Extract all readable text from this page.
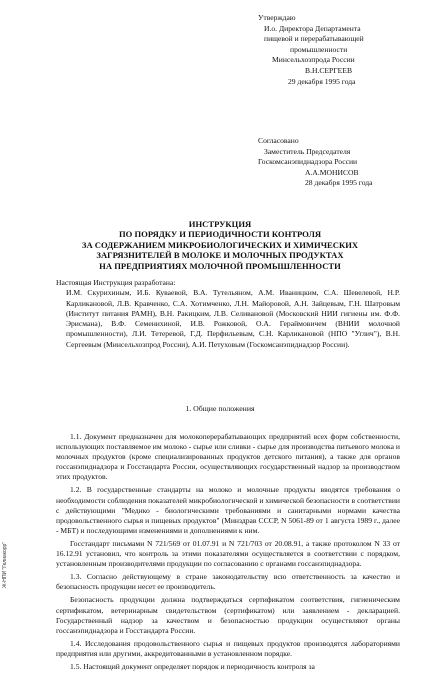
Утверждаю
И.о. Директора Департамента
пищевой и перерабатывающей
промышленности
Минсельхозпрода России
В.Н.СЕРГЕЕВ
29 декабря 1995 года
Согласовано
Заместитель Председателя
Госкомсанэпиднадзора России
А.А.МОНИСОВ
28 декабря 1995 года
ИНСТРУКЦИЯ
ПО ПОРЯДКУ И ПЕРИОДИЧНОСТИ КОНТРОЛЯ
ЗА СОДЕРЖАНИЕМ МИКРОБИОЛОГИЧЕСКИХ И ХИМИЧЕСКИХ
ЗАГРЯЗНИТЕЛЕЙ В МОЛОКЕ И МОЛОЧНЫХ ПРОДУКТАХ
НА ПРЕДПРИЯТИЯХ МОЛОЧНОЙ ПРОМЫШЛЕННОСТИ
Настоящая Инструкция разработана:
И.М. Скурихиным, И.Б. Куваевой, В.А. Тутельяном, А.М. Иваницким, С.А. Шевелевой, Н.Р. Карликановой, Л.В. Кравченко, С.А. Хотимченко, Л.Н. Майоровой, А.Н. Зайцевым, Г.Н. Шатровым (Институт питания РАМН), В.Н. Ракицким, Л.В. Селивановой (Московский НИИ гигиены им. Ф.Ф. Эрисмана), В.Ф. Семенихиной, И.В. Рожковой, О.А. Гераймовичем (ВНИИ молочной промышленности), Л.И. Тетеревой, Г.Д. Перфильевым, С.Н. Карликановой (НПО "Углич"), В.Н. Сергеевым (Минсельхозпрод России), А.И. Петуховым (Госкомсанэпиднадзор России).
1. Общие положения

1.1. Документ предназначен для молокоперерабатывающих предприятий всех форм собственности, использующих поставляемое им молоко - сырье или сливки - сырье для производства питьевого молока и молочных продуктов (кроме специализированных продуктов детского питания), а также для органов госсанэпиднадзора и Госстандарта России, осуществляющих государственный надзор за производством этих продуктов.

1.2. В государственные стандарты на молоко и молочные продукты вводятся требования о необходимости соблюдения показателей микробиологической и химической безопасности в соответствии с действующими "Медико - биологическими требованиями и санитарными нормами качества продовольственного сырья и пищевых продуктов" (Минздрав СССР, N 5061-89 от 1 августа 1989 г., далее - МБТ) и последующими изменениями и дополнениями к ним.

Госстандарт письмами N 721/569 от 01.07.91 и N 721/703 от 20.08.91, а также протоколом N 33 от 16.12.91 установил, что контроль за этими показателями осуществляется в соответствии с порядком, установленным производителями продукции по согласованию с органами госсанэпиднадзора.

1.3. Согласно действующему в стране законодательству всю ответственность за качество и безопасность продукции несет ее производитель.

Безопасность продукции должна подтверждаться сертификатом соответствия, гигиеническим сертификатом, ветеринарным свидетельством (сертификатом) или заявлением - декларацией. Государственный надзор за качеством и безопасностью продукции осуществляют органы госсанэпиднадзора и Госстандарта России.

1.4. Исследования продовольственного сырья и пищевых продуктов производятся лабораториями предприятия или другими, аккредитованными в установленном порядке.

1.5. Настоящий документ определяет порядок и периодичность контроля за

Ж-НПИ "Гелиакорр"
